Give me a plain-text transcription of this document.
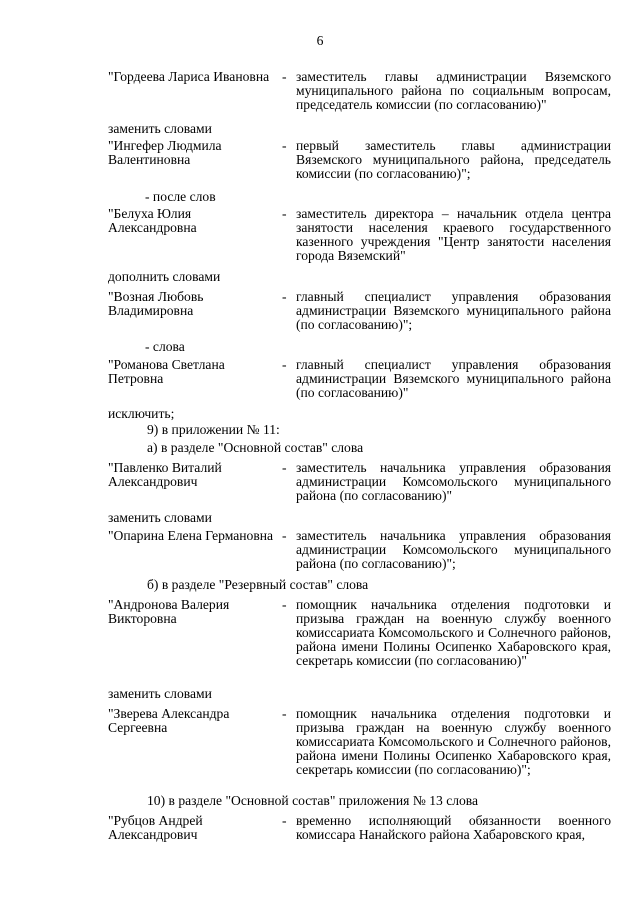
6
"Гордеева Лариса Ивановна - заместитель главы администрации Вяземского муниципального района по социальным вопросам, председатель комиссии (по согласованию)"
заменить словами
"Ингефер Людмила Валентиновна
- первый заместитель главы администрации Вяземского муниципального района, председатель комиссии (по согласованию)";
- после слов
"Белуха Юлия Александровна
- заместитель директора – начальник отдела центра занятости населения краевого государственного казенного учреждения "Центр занятости населения города Вяземский"
дополнить словами
"Возная Любовь Владимировна
- главный специалист управления образования администрации Вяземского муниципального района (по согласованию)";
- слова
"Романова Светлана Петровна
- главный специалист управления образования администрации Вяземского муниципального района (по согласованию)"
исключить;
9) в приложении № 11:
а) в разделе "Основной состав" слова
"Павленко Виталий Александрович
- заместитель начальника управления образования администрации Комсомольского муниципального района (по согласованию)"
заменить словами
"Опарина Елена Германовна - заместитель начальника управления образования администрации Комсомольского муниципального района (по согласованию)";
б) в разделе "Резервный состав" слова
"Андронова Валерия Викторовна
- помощник начальника отделения подготовки и призыва граждан на военную службу военного комиссариата Комсомольского и Солнечного районов, района имени Полины Осипенко Хабаровского края, секретарь комиссии (по согласованию)"
заменить словами
"Зверева Александра Сергеевна
- помощник начальника отделения подготовки и призыва граждан на военную службу военного комиссариата Комсомольского и Солнечного районов, района имени Полины Осипенко Хабаровского края, секретарь комиссии (по согласованию)";
10) в разделе "Основной состав" приложения № 13 слова
"Рубцов Андрей Александрович
- временно исполняющий обязанности военного комиссара Нанайского района Хабаровского края,
